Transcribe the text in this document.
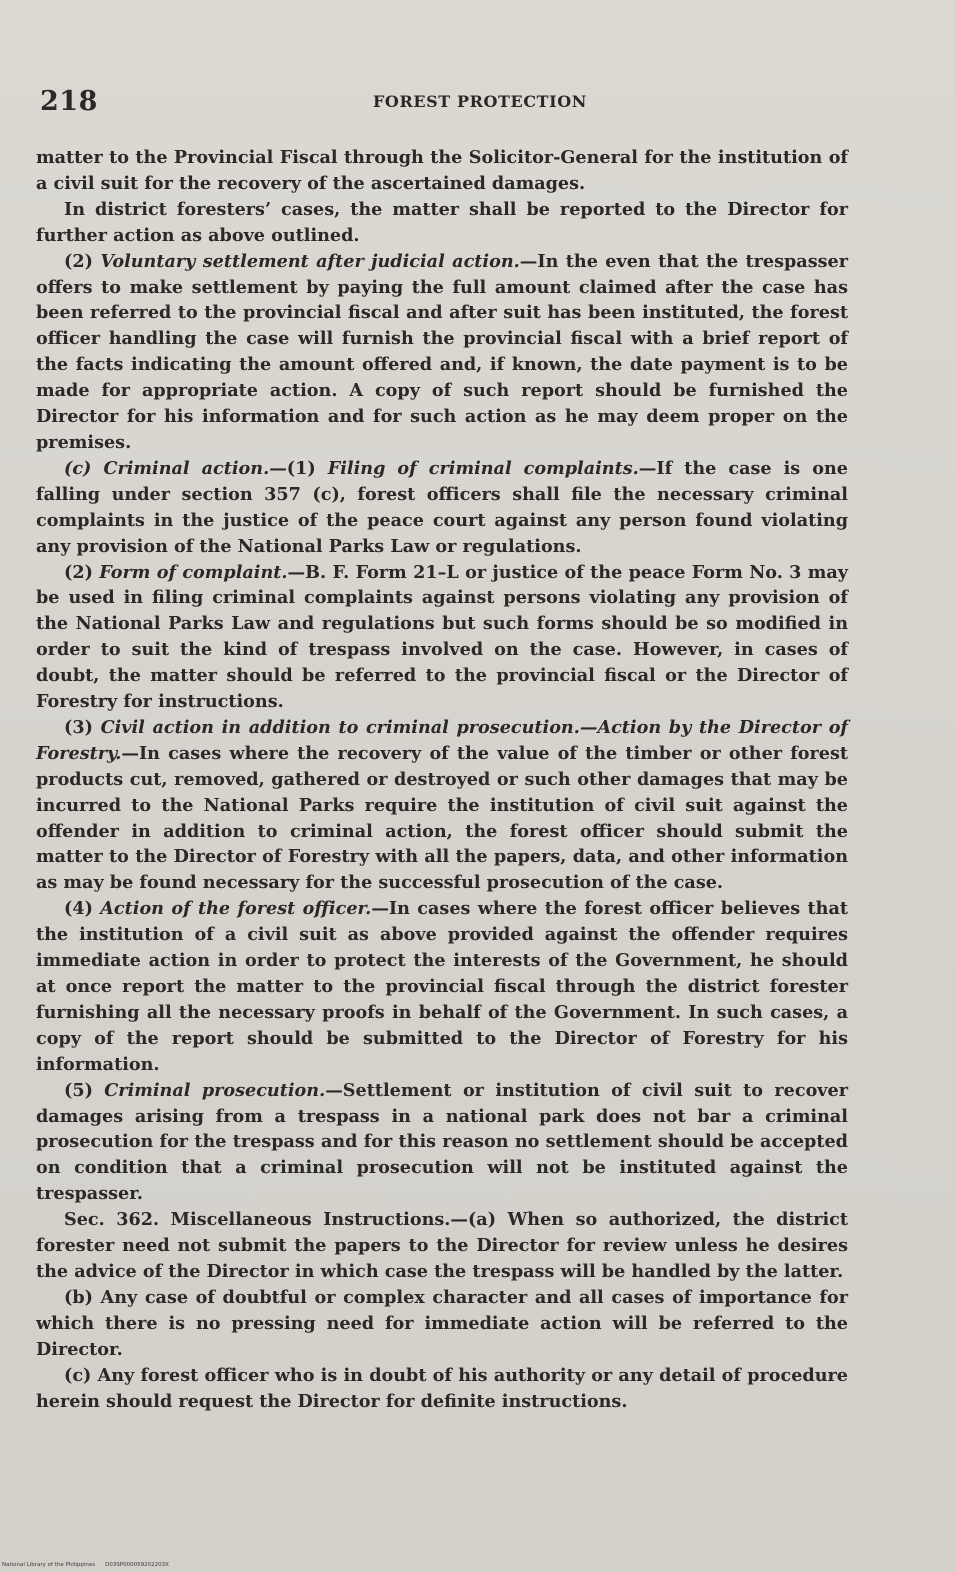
218	FOREST PROTECTION

matter to the Provincial Fiscal through the Solicitor-General for the institution of a civil suit for the recovery of the ascertained damages.

In district foresters’ cases, the matter shall be reported to the Director for further action as above outlined.

(2) Voluntary settlement after judicial action.—In the even that the trespasser offers to make settlement by paying the full amount claimed after the case has been referred to the provincial fiscal and after suit has been instituted, the forest officer handling the case will furnish the provincial fiscal with a brief report of the facts indicating the amount offered and, if known, the date payment is to be made for appropriate action. A copy of such report should be furnished the Director for his information and for such action as he may deem proper on the premises.

(c) Criminal action.—(1) Filing of criminal complaints.—If the case is one falling under section 357 (c), forest officers shall file the necessary criminal complaints in the justice of the peace court against any person found violating any provision of the National Parks Law or regulations.

(2) Form of complaint.—B. F. Form 21–L or justice of the peace Form No. 3 may be used in filing criminal complaints against persons violating any provision of the National Parks Law and regulations but such forms should be so modified in order to suit the kind of trespass involved on the case. However, in cases of doubt, the matter should be referred to the provincial fiscal or the Director of Forestry for instructions.

(3) Civil action in addition to criminal prosecution.—Action by the Director of Forestry.—In cases where the recovery of the value of the timber or other forest products cut, removed, gathered or destroyed or such other damages that may be incurred to the National Parks require the institution of civil suit against the offender in addition to criminal action, the forest officer should submit the matter to the Director of Forestry with all the papers, data, and other information as may be found necessary for the successful prosecution of the case.

(4) Action of the forest officer.—In cases where the forest officer believes that the institution of a civil suit as above provided against the offender requires immediate action in order to protect the interests of the Government, he should at once report the matter to the provincial fiscal through the district forester furnishing all the necessary proofs in behalf of the Government. In such cases, a copy of the report should be submitted to the Director of Forestry for his information.

(5) Criminal prosecution.—Settlement or institution of civil suit to recover damages arising from a trespass in a national park does not bar a criminal prosecution for the trespass and for this reason no settlement should be accepted on condition that a criminal prosecution will not be instituted against the trespasser.

Sec. 362. Miscellaneous Instructions.—(a) When so authorized, the district forester need not submit the papers to the Director for review unless he desires the advice of the Director in which case the trespass will be handled by the latter.

(b) Any case of doubtful or complex character and all cases of importance for which there is no pressing need for immediate action will be referred to the Director.

(c) Any forest officer who is in doubt of his authority or any detail of procedure herein should request the Director for definite instructions.

National Library of the Philippines D03SP000059202203X
